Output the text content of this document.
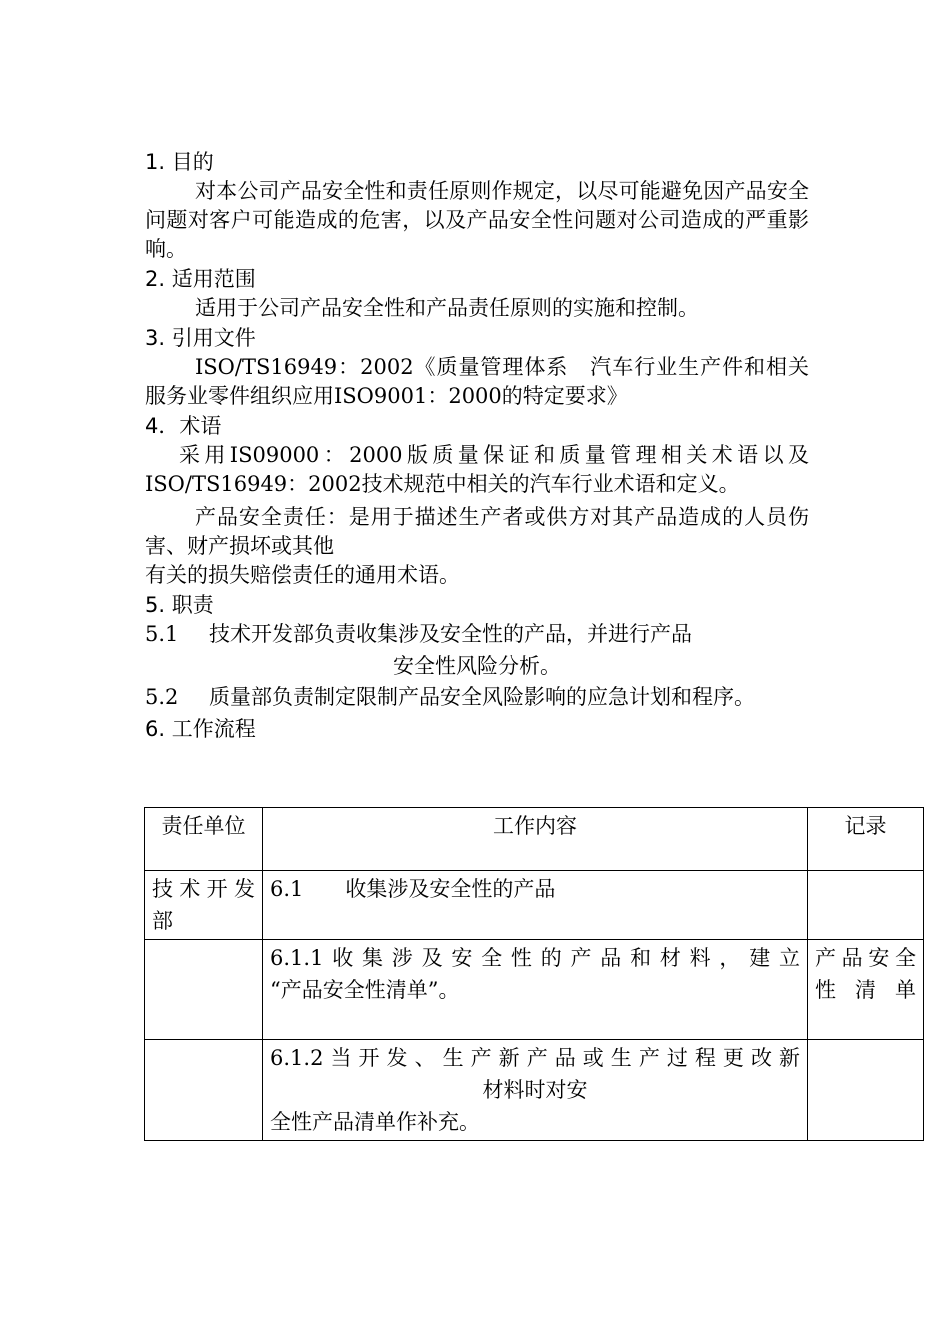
1. 目的

对本公司产品安全性和责任原则作规定，以尽可能避免因产品安全问题对客户可能造成的危害，以及产品安全性问题对公司造成的严重影响。

2. 适用范围

适用于公司产品安全性和产品责任原则的实施和控制。

3. 引用文件

ISO/TS16949：2002《质量管理体系　汽车行业生产件和相关服务业零件组织应用ISO9001：2000的特定要求》

4．术语

采用IS09000：2000版质量保证和质量管理相关术语以及ISO/TS16949：2002技术规范中相关的汽车行业术语和定义。

产品安全责任：是用于描述生产者或供方对其产品造成的人员伤害、财产损坏或其他

有关的损失赔偿责任的通用术语。
5. 职责
5.1 技术开发部负责收集涉及安全性的产品，并进行产品
安全性风险分析。

5.2 质量部负责制定限制产品安全风险影响的应急计划和程序。

6. 工作流程
责任单位	工作内容	记录
技术开发部	6.1　　收集涉及安全性的产品	

	6.1.1收集涉及安全性的产品和材料，建立
“产品安全性清单”。	产品安全性清单

	6.1.2当开发、生产新产品或生产过程更改新
材料时对安
全性产品清单作补充。	
